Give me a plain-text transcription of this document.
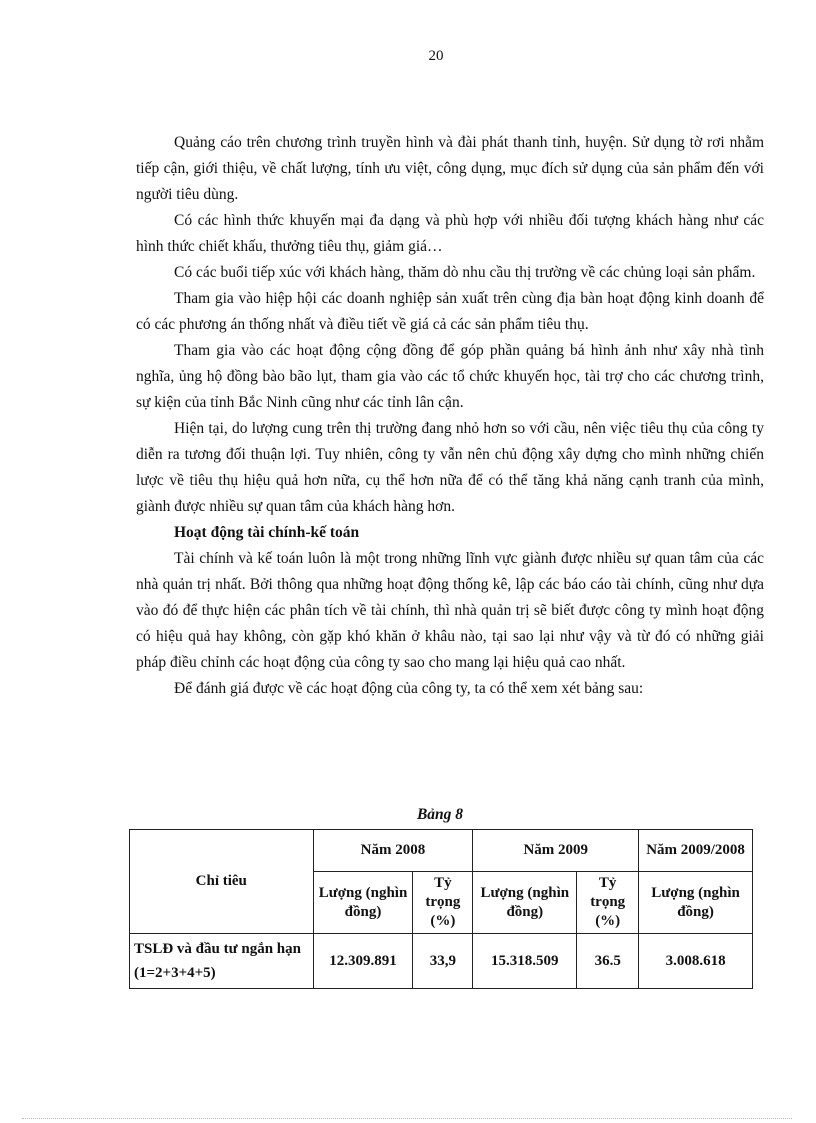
20

Quảng cáo trên chương trình truyền hình và đài phát thanh tỉnh, huyện. Sử dụng tờ rơi nhằm tiếp cận, giới thiệu, về chất lượng, tính ưu việt, công dụng, mục đích sử dụng của sản phẩm đến với người tiêu dùng.

Có các hình thức khuyến mại đa dạng và phù hợp với nhiều đối tượng khách hàng như các hình thức chiết khấu, thưởng tiêu thụ, giảm giá…

Có các buổi tiếp xúc với khách hàng, thăm dò nhu cầu thị trường về các chủng loại sản phẩm.

Tham gia vào hiệp hội các doanh nghiệp sản xuất trên cùng địa bàn hoạt động kinh doanh để có các phương án thống nhất và điều tiết về giá cả các sản phẩm tiêu thụ.

Tham gia vào các hoạt động cộng đồng để góp phần quảng bá hình ảnh như xây nhà tình nghĩa, ủng hộ đồng bào bão lụt, tham gia vào các tổ chức khuyến học, tài trợ cho các chương trình, sự kiện của tỉnh Bắc Ninh cũng như các tỉnh lân cận.

Hiện tại, do lượng cung trên thị trường đang nhỏ hơn so với cầu, nên việc tiêu thụ của công ty diễn ra tương đối thuận lợi. Tuy nhiên, công ty vẫn nên chủ động xây dựng cho mình những chiến lược về tiêu thụ hiệu quả hơn nữa, cụ thể hơn nữa để có thể tăng khả năng cạnh tranh của mình, giành được nhiều sự quan tâm của khách hàng hơn.

Hoạt động tài chính-kế toán

Tài chính và kế toán luôn là một trong những lĩnh vực giành được nhiều sự quan tâm của các nhà quản trị nhất. Bởi thông qua những hoạt động thống kê, lập các báo cáo tài chính, cũng như dựa vào đó để thực hiện các phân tích về tài chính, thì nhà quản trị sẽ biết được công ty mình hoạt động có hiệu quả hay không, còn gặp khó khăn ở khâu nào, tại sao lại như vậy và từ đó có những giải pháp điều chỉnh các hoạt động của công ty sao cho mang lại hiệu quả cao nhất.

Để đánh giá được về các hoạt động của công ty, ta có thể xem xét bảng sau:

Bảng 8
Chỉ tiêu	Năm 2008		Năm 2009		Năm 2009/2008
	Lượng (nghìn đồng)	Tỷ trọng (%)	Lượng (nghìn đồng)	Tỷ trọng (%)	Lượng (nghìn đồng)
TSLĐ và đầu tư ngắn hạn (1=2+3+4+5)	12.309.891	33,9	15.318.509	36.5	3.008.618
